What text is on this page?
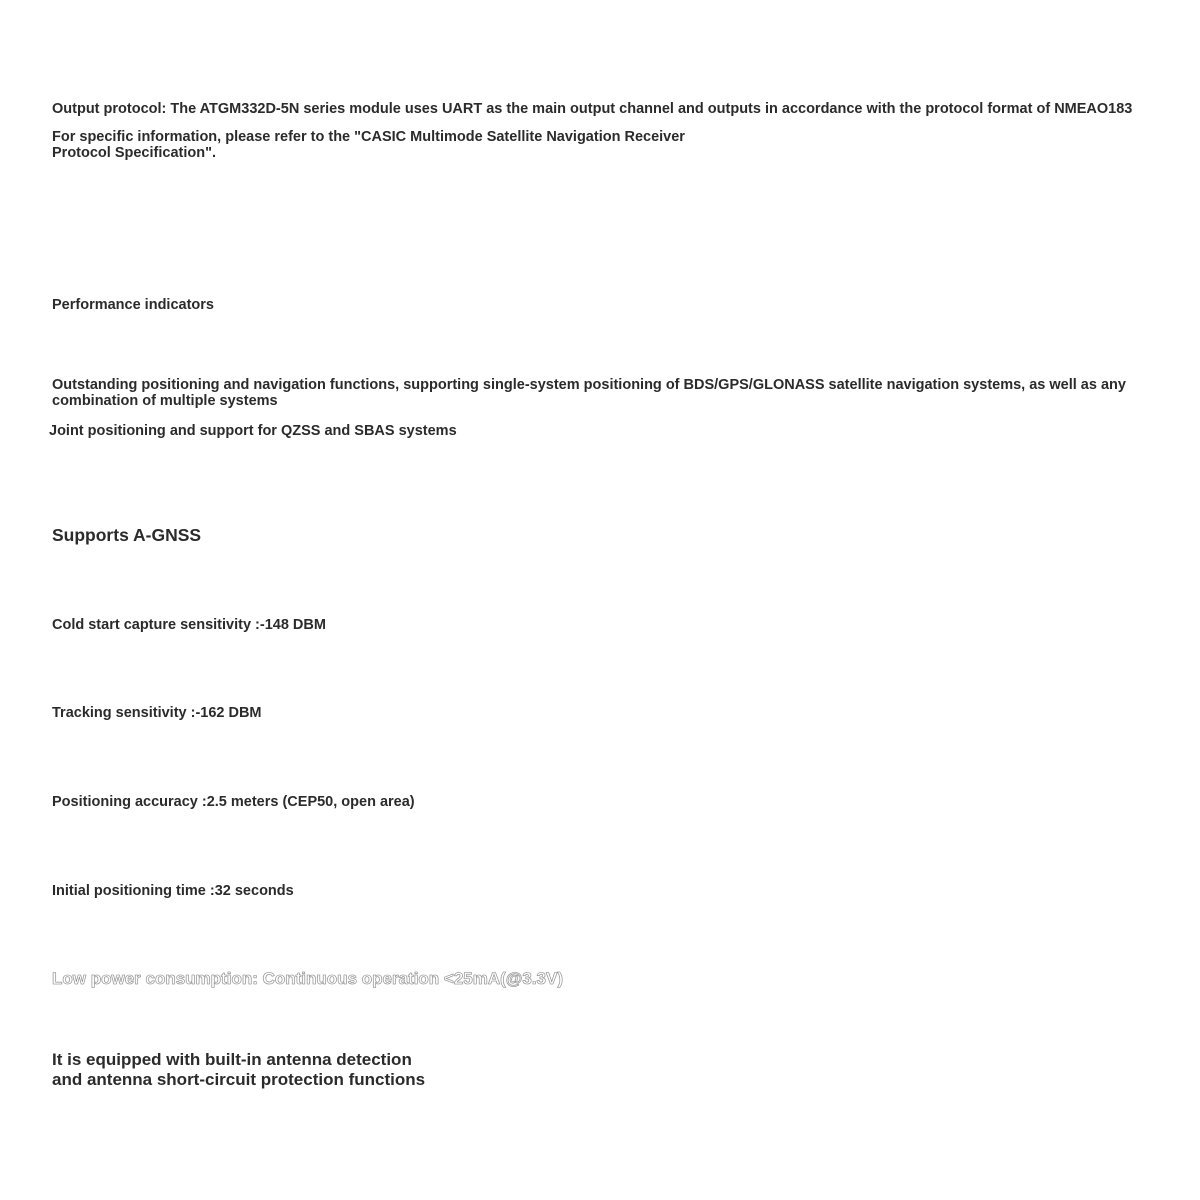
Output protocol: The ATGM332D-5N series module uses UART as the main output channel and outputs in accordance with the protocol format of NMEAO183

For specific information, please refer to the "CASIC Multimode Satellite Navigation Receiver
Protocol Specification".

Performance indicators

Outstanding positioning and navigation functions, supporting single-system positioning of BDS/GPS/GLONASS satellite navigation systems, as well as any
combination of multiple systems

Joint positioning and support for QZSS and SBAS systems

Supports A-GNSS

Cold start capture sensitivity :-148 DBM

Tracking sensitivity :-162 DBM

Positioning accuracy :2.5 meters (CEP50, open area)

Initial positioning time :32 seconds

Low power consumption: Continuous operation <25mA(@3.3V)

It is equipped with built-in antenna detection
and antenna short-circuit protection functions
